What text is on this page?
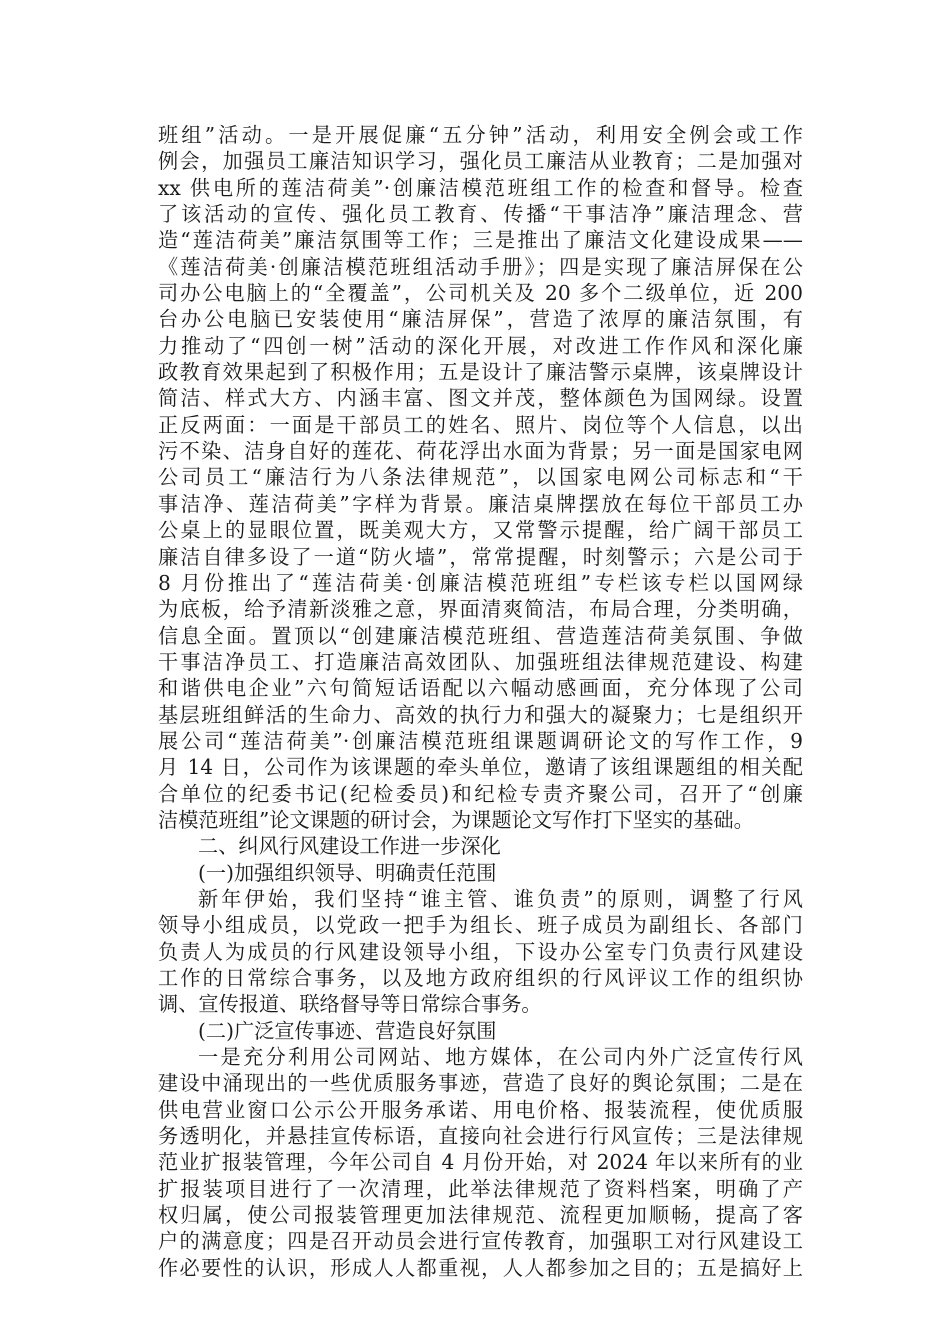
班组”活动。一是开展促廉“五分钟”活动，利用安全例会或工作
例会，加强员工廉洁知识学习，强化员工廉洁从业教育；二是加强对
xx 供电所的莲洁荷美”·创廉洁模范班组工作的检查和督导。检查
了该活动的宣传、强化员工教育、传播“干事洁净”廉洁理念、营
造“莲洁荷美”廉洁氛围等工作；三是推出了廉洁文化建设成果——
《莲洁荷美·创廉洁模范班组活动手册》；四是实现了廉洁屏保在公
司办公电脑上的“全覆盖”，公司机关及 20 多个二级单位，近 200
台办公电脑已安装使用“廉洁屏保”，营造了浓厚的廉洁氛围，有
力推动了“四创一树”活动的深化开展，对改进工作作风和深化廉
政教育效果起到了积极作用；五是设计了廉洁警示桌牌，该桌牌设计
简洁、样式大方、内涵丰富、图文并茂，整体颜色为国网绿。设置
正反两面：一面是干部员工的姓名、照片、岗位等个人信息，以出
污不染、洁身自好的莲花、荷花浮出水面为背景；另一面是国家电网
公司员工“廉洁行为八条法律规范”，以国家电网公司标志和“干
事洁净、莲洁荷美”字样为背景。廉洁桌牌摆放在每位干部员工办
公桌上的显眼位置，既美观大方，又常警示提醒，给广阔干部员工
廉洁自律多设了一道“防火墙”，常常提醒，时刻警示；六是公司于
8 月份推出了“莲洁荷美·创廉洁模范班组”专栏该专栏以国网绿
为底板，给予清新淡雅之意，界面清爽简洁，布局合理，分类明确，
信息全面。置顶以“创建廉洁模范班组、营造莲洁荷美氛围、争做
干事洁净员工、打造廉洁高效团队、加强班组法律规范建设、构建
和谐供电企业”六句简短话语配以六幅动感画面，充分体现了公司
基层班组鲜活的生命力、高效的执行力和强大的凝聚力；七是组织开
展公司“莲洁荷美”·创廉洁模范班组课题调研论文的写作工作，9
月 14 日，公司作为该课题的牵头单位，邀请了该组课题组的相关配
合单位的纪委书记(纪检委员)和纪检专责齐聚公司，召开了“创廉
洁模范班组”论文课题的研讨会，为课题论文写作打下坚实的基础。
二、纠风行风建设工作进一步深化
(一)加强组织领导、明确责任范围
新年伊始，我们坚持“谁主管、谁负责”的原则，调整了行风
领导小组成员，以党政一把手为组长、班子成员为副组长、各部门
负责人为成员的行风建设领导小组，下设办公室专门负责行风建设
工作的日常综合事务，以及地方政府组织的行风评议工作的组织协
调、宣传报道、联络督导等日常综合事务。
(二)广泛宣传事迹、营造良好氛围
一是充分利用公司网站、地方媒体，在公司内外广泛宣传行风
建设中涌现出的一些优质服务事迹，营造了良好的舆论氛围；二是在
供电营业窗口公示公开服务承诺、用电价格、报装流程，使优质服
务透明化，并悬挂宣传标语，直接向社会进行行风宣传；三是法律规
范业扩报装管理，今年公司自 4 月份开始，对 2024 年以来所有的业
扩报装项目进行了一次清理，此举法律规范了资料档案，明确了产
权归属，使公司报装管理更加法律规范、流程更加顺畅，提高了客
户的满意度；四是召开动员会进行宣传教育，加强职工对行风建设工
作必要性的认识，形成人人都重视，人人都参加之目的；五是搞好上
